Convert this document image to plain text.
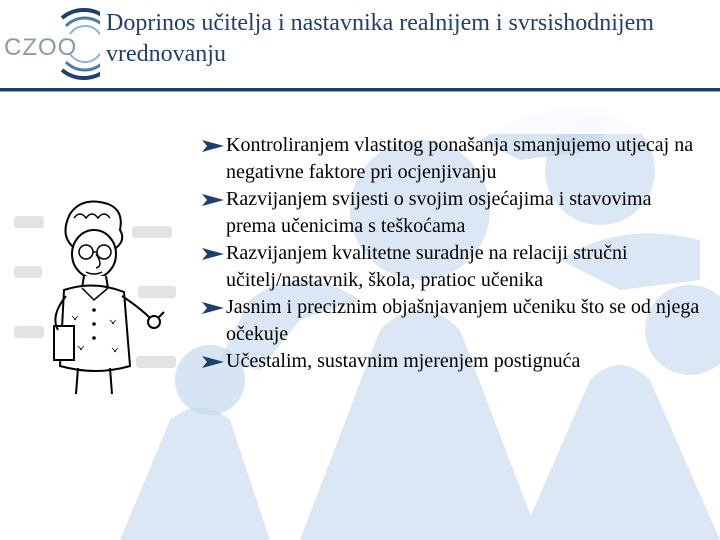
CZOO
Doprinos učitelja i nastavnika realnijem i svrsishodnijem vrednovanju
Kontroliranjem vlastitog ponašanja smanjujemo utjecaj na negativne faktore pri ocjenjivanju
Razvijanjem svijesti o svojim osjećajima i stavovima prema učenicima s teškoćama
Razvijanjem kvalitetne suradnje na relaciji stručni učitelj/nastavnik, škola, pratioc učenika
Jasnim i preciznim objašnjavanjem učeniku što se od njega očekuje
Učestalim, sustavnim mjerenjem postignuća
